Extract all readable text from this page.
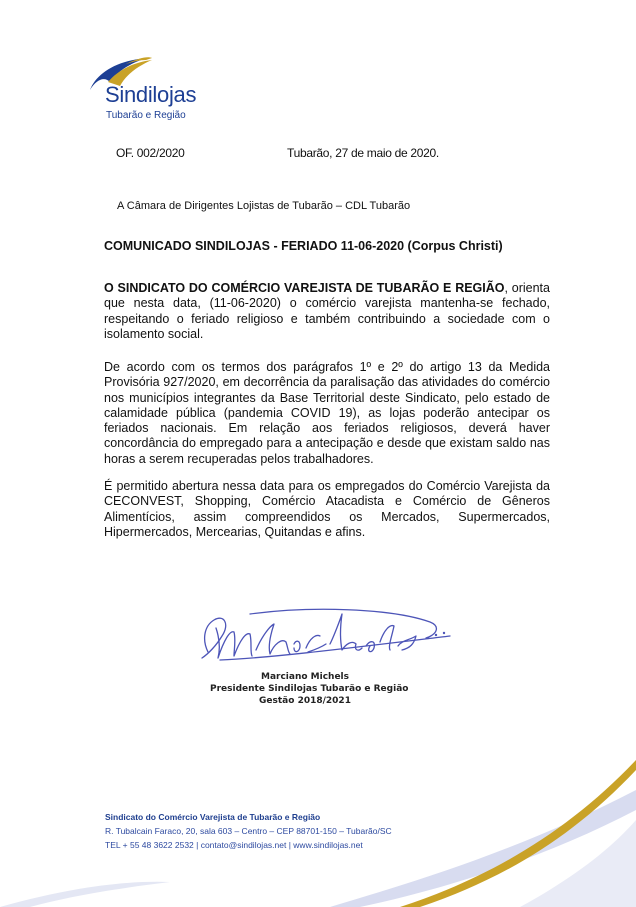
Sindilojas
Tubarão e Região
OF. 002/2020	Tubarão, 27 de maio de 2020.
A Câmara de Dirigentes Lojistas de Tubarão – CDL Tubarão
COMUNICADO SINDILOJAS - FERIADO 11-06-2020 (Corpus Christi)

O SINDICATO DO COMÉRCIO VAREJISTA DE TUBARÃO E REGIÃO, orienta que nesta data, (11-06-2020) o comércio varejista mantenha-se fechado, respeitando o feriado religioso e também contribuindo a sociedade com o isolamento social.

De acordo com os termos dos parágrafos 1º e 2º do artigo 13 da Medida Provisória 927/2020, em decorrência da paralisação das atividades do comércio nos municípios integrantes da Base Territorial deste Sindicato, pelo estado de calamidade pública (pandemia COVID 19), as lojas poderão antecipar os feriados nacionais. Em relação aos feriados religiosos, deverá haver concordância do empregado para a antecipação e desde que existam saldo nas horas a serem recuperadas pelos trabalhadores.

É permitido abertura nessa data para os empregados do Comércio Varejista da CECONVEST, Shopping, Comércio Atacadista e Comércio de Gêneros Alimentícios, assim compreendidos os Mercados, Supermercados, Hipermercados, Mercearias, Quitandas e afins.

Marciano Michels
Presidente Sindilojas Tubarão e Região
Gestão 2018/2021
Sindicato do Comércio Varejista de Tubarão e Região
R. Tubalcain Faraco, 20, sala 603 – Centro – CEP 88701-150 – Tubarão/SC
TEL + 55 48 3622 2532 | contato@sindilojas.net | www.sindilojas.net
